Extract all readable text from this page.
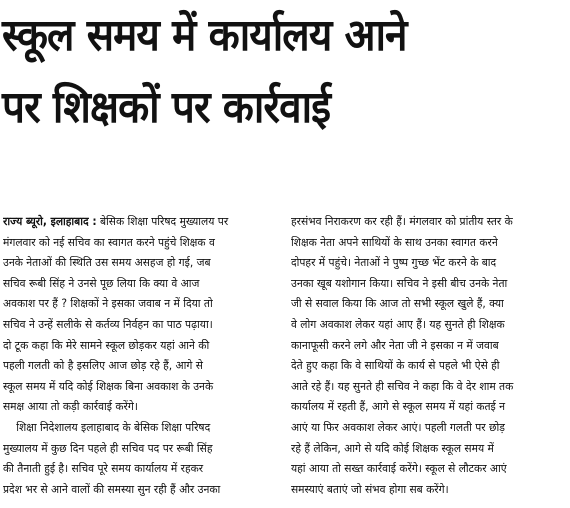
स्कूल समय में कार्यालय आने
पर शिक्षकों पर कार्रवाई
राज्य ब्यूरो, इलाहाबाद : बेसिक शिक्षा परिषद मुख्यालय पर
मंगलवार को नई सचिव का स्वागत करने पहुंचे शिक्षक व
उनके नेताओं की स्थिति उस समय असहज हो गई, जब
सचिव रूबी सिंह ने उनसे पूछ लिया कि क्या वे आज
अवकाश पर हैं ? शिक्षकों ने इसका जवाब न में दिया तो
सचिव ने उन्हें सलीके से कर्तव्य निर्वहन का पाठ पढ़ाया।
दो टूक कहा कि मेरे सामने स्कूल छोड़कर यहां आने की
पहली गलती को है इसलिए आज छोड़ रहे हैं, आगे से
स्कूल समय में यदि कोई शिक्षक बिना अवकाश के उनके
समक्ष आया तो कड़ी कार्रवाई करेंगे।
शिक्षा निदेशालय इलाहाबाद के बेसिक शिक्षा परिषद
मुख्यालय में कुछ दिन पहले ही सचिव पद पर रूबी सिंह
की तैनाती हुई है। सचिव पूरे समय कार्यालय में रहकर
प्रदेश भर से आने वालों की समस्या सुन रही हैं और उनका
हरसंभव निराकरण कर रही हैं। मंगलवार को प्रांतीय स्तर के
शिक्षक नेता अपने साथियों के साथ उनका स्वागत करने
दोपहर में पहुंचे। नेताओं ने पुष्प गुच्छ भेंट करने के बाद
उनका खूब यशोगान किया। सचिव ने इसी बीच उनके नेता
जी से सवाल किया कि आज तो सभी स्कूल खुले हैं, क्या
वे लोग अवकाश लेकर यहां आए हैं। यह सुनते ही शिक्षक
कानाफूसी करने लगे और नेता जी ने इसका न में जवाब
देते हुए कहा कि वे साथियों के कार्य से पहले भी ऐसे ही
आते रहे हैं। यह सुनते ही सचिव ने कहा कि वे देर शाम तक
कार्यालय में रहती हैं, आगे से स्कूल समय में यहां कतई न
आएं या फिर अवकाश लेकर आएं। पहली गलती पर छोड़
रहे हैं लेकिन, आगे से यदि कोई शिक्षक स्कूल समय में
यहां आया तो सख्त कार्रवाई करेंगे। स्कूल से लौटकर आएं
समस्याएं बताएं जो संभव होगा सब करेंगे।
